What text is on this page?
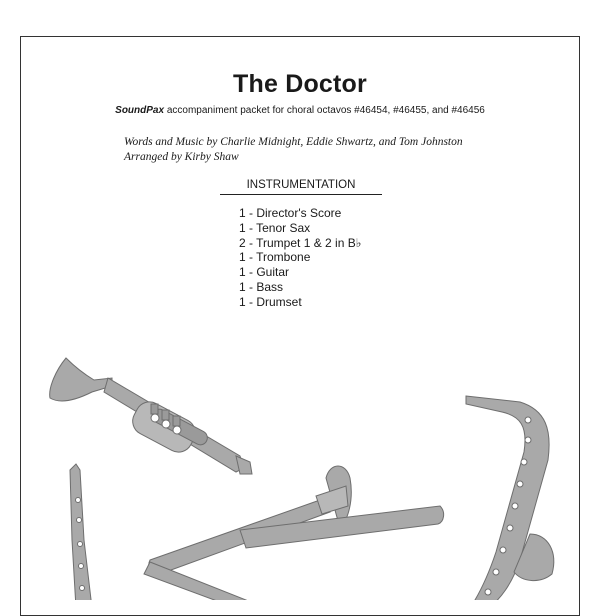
The Doctor
SoundPax accompaniment packet for choral octavos #46454, #46455, and #46456
Words and Music by Charlie Midnight, Eddie Shwartz, and Tom Johnston
Arranged by Kirby Shaw
INSTRUMENTATION
1 - Director's Score
1 - Tenor Sax
2 - Trumpet 1 & 2 in B♭
1 - Trombone
1 - Guitar
1 - Bass
1 - Drumset
